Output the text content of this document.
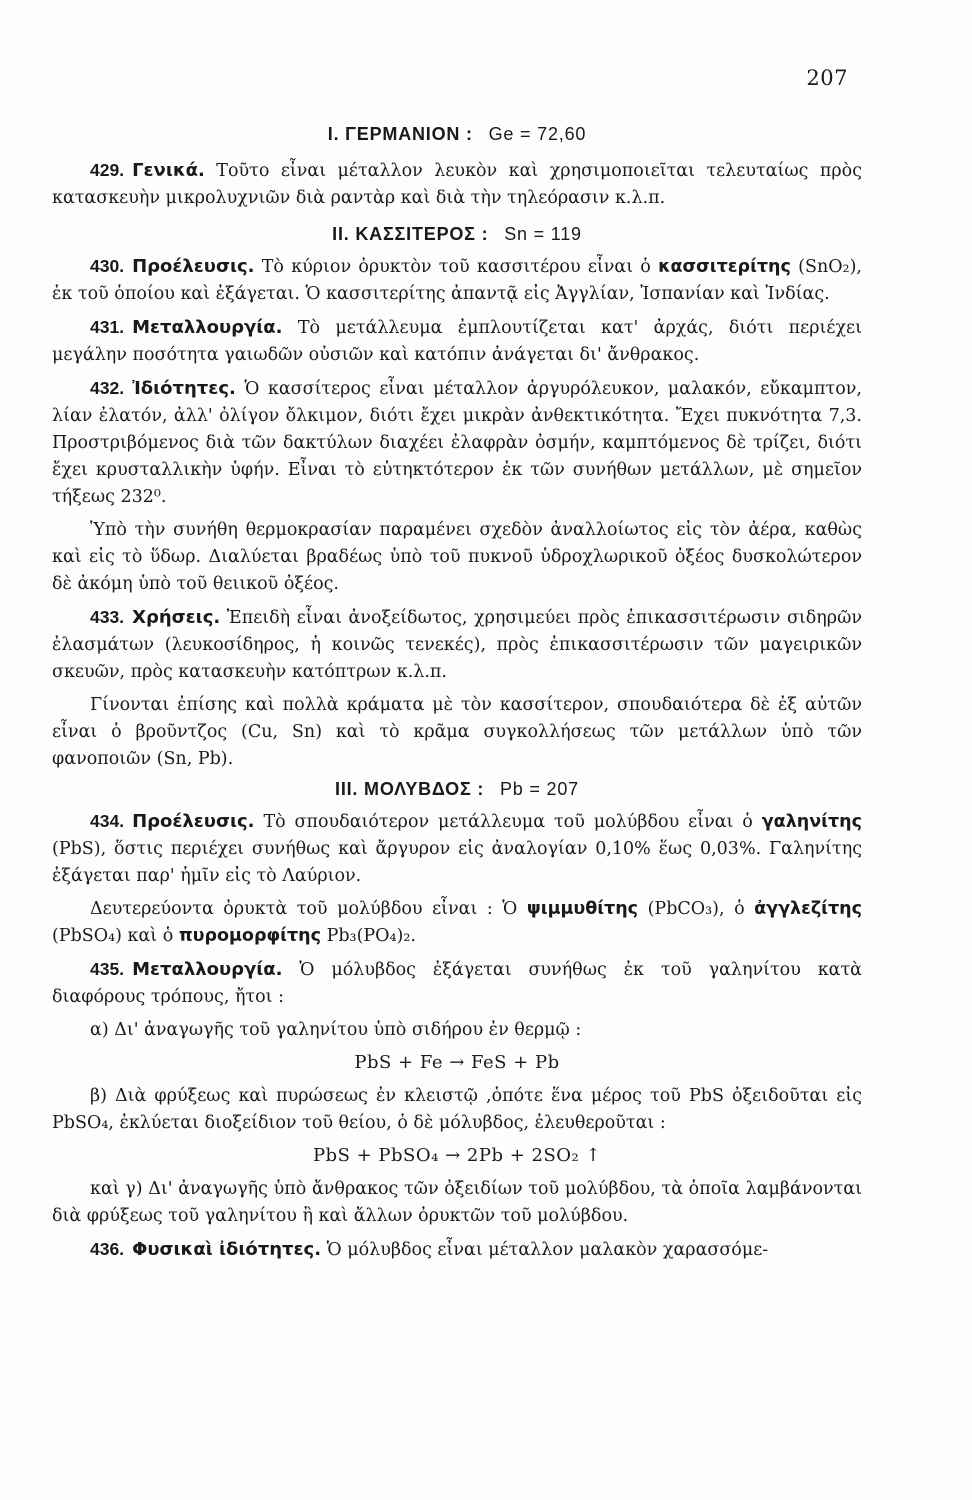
207
I. ΓΕΡΜΑΝΙΟΝ : Ge = 72,60

429. Γενικά. Τοῦτο εἶναι μέταλλον λευκὸν καὶ χρησιμοποιεῖται τελευταίως πρὸς κατασκευὴν μικρολυχνιῶν διὰ ραντὰρ καὶ διὰ τὴν τηλεόρασιν κ.λ.π.

II. ΚΑΣΣΙΤΕΡΟΣ : Sn = 119

430. Προέλευσις. Τὸ κύριον ὀρυκτὸν τοῦ κασσιτέρου εἶναι ὁ κασσιτερίτης (SnO₂), ἐκ τοῦ ὁποίου καὶ ἐξάγεται. Ὁ κασσιτερίτης ἀπαντᾷ εἰς Ἀγγλίαν, Ἰσπανίαν καὶ Ἰνδίας.

431. Μεταλλουργία. Τὸ μετάλλευμα ἐμπλουτίζεται κατ' ἀρχάς, διότι περιέχει μεγάλην ποσότητα γαιωδῶν οὐσιῶν καὶ κατόπιν ἀνάγεται δι' ἄνθρακος.

432. Ἰδιότητες. Ὁ κασσίτερος εἶναι μέταλλον ἀργυρόλευκον, μαλακόν, εὔκαμπτον, λίαν ἐλατόν, ἀλλ' ὀλίγον ὄλκιμον, διότι ἔχει μικρὰν ἀνθεκτικότητα. Ἔχει πυκνότητα 7,3. Προστριβόμενος διὰ τῶν δακτύλων διαχέει ἐλαφρὰν ὀσμήν, καμπτόμενος δὲ τρίζει, διότι ἔχει κρυσταλλικὴν ὑφήν. Εἶναι τὸ εὐτηκτότερον ἐκ τῶν συνήθων μετάλλων, μὲ σημεῖον τήξεως 232⁰.

Ὑπὸ τὴν συνήθη θερμοκρασίαν παραμένει σχεδὸν ἀναλλοίωτος εἰς τὸν ἀέρα, καθὼς καὶ εἰς τὸ ὕδωρ. Διαλύεται βραδέως ὑπὸ τοῦ πυκνοῦ ὑδροχλωρικοῦ ὀξέος δυσκολώτερον δὲ ἀκόμη ὑπὸ τοῦ θειικοῦ ὀξέος.

433. Χρήσεις. Ἐπειδὴ εἶναι ἀνοξείδωτος, χρησιμεύει πρὸς ἐπικασσιτέρωσιν σιδηρῶν ἐλασμάτων (λευκοσίδηρος, ἡ κοινῶς τενεκές), πρὸς ἐπικασσιτέρωσιν τῶν μαγειρικῶν σκευῶν, πρὸς κατασκευὴν κατόπτρων κ.λ.π.

Γίνονται ἐπίσης καὶ πολλὰ κράματα μὲ τὸν κασσίτερον, σπουδαιότερα δὲ ἐξ αὐτῶν εἶναι ὁ βροῦντζος (Cu, Sn) καὶ τὸ κρᾶμα συγκολλήσεως τῶν μετάλλων ὑπὸ τῶν φανοποιῶν (Sn, Pb).

III. ΜΟΛΥΒΔΟΣ : Pb = 207

434. Προέλευσις. Τὸ σπουδαιότερον μετάλλευμα τοῦ μολύβδου εἶναι ὁ γαληνίτης (PbS), ὅστις περιέχει συνήθως καὶ ἄργυρον εἰς ἀναλογίαν 0,10% ἕως 0,03%. Γαληνίτης ἐξάγεται παρ' ἡμῖν εἰς τὸ Λαύριον.

Δευτερεύοντα ὀρυκτὰ τοῦ μολύβδου εἶναι : Ὁ ψιμμυθίτης (PbCO₃), ὁ ἀγγλεζίτης (PbSO₄) καὶ ὁ πυρομορφίτης Pb₃(PO₄)₂.

435. Μεταλλουργία. Ὁ μόλυβδος ἐξάγεται συνήθως ἐκ τοῦ γαληνίτου κατὰ διαφόρους τρόπους, ἤτοι :

α) Δι' ἀναγωγῆς τοῦ γαληνίτου ὑπὸ σιδήρου ἐν θερμῷ :

PbS + Fe → FeS + Pb

β) Διὰ φρύξεως καὶ πυρώσεως ἐν κλειστῷ ,ὁπότε ἕνα μέρος τοῦ PbS ὀξειδοῦται εἰς PbSO₄, ἐκλύεται διοξείδιον τοῦ θείου, ὁ δὲ μόλυβδος, ἐλευθεροῦται :

PbS + PbSO₄ → 2Pb + 2SO₂ ↑

καὶ γ) Δι' ἀναγωγῆς ὑπὸ ἄνθρακος τῶν ὀξειδίων τοῦ μολύβδου, τὰ ὁποῖα λαμβάνονται διὰ φρύξεως τοῦ γαληνίτου ἢ καὶ ἄλλων ὀρυκτῶν τοῦ μολύβδου.

436. Φυσικαὶ ἰδιότητες. Ὁ μόλυβδος εἶναι μέταλλον μαλακὸν χαρασσόμε-
